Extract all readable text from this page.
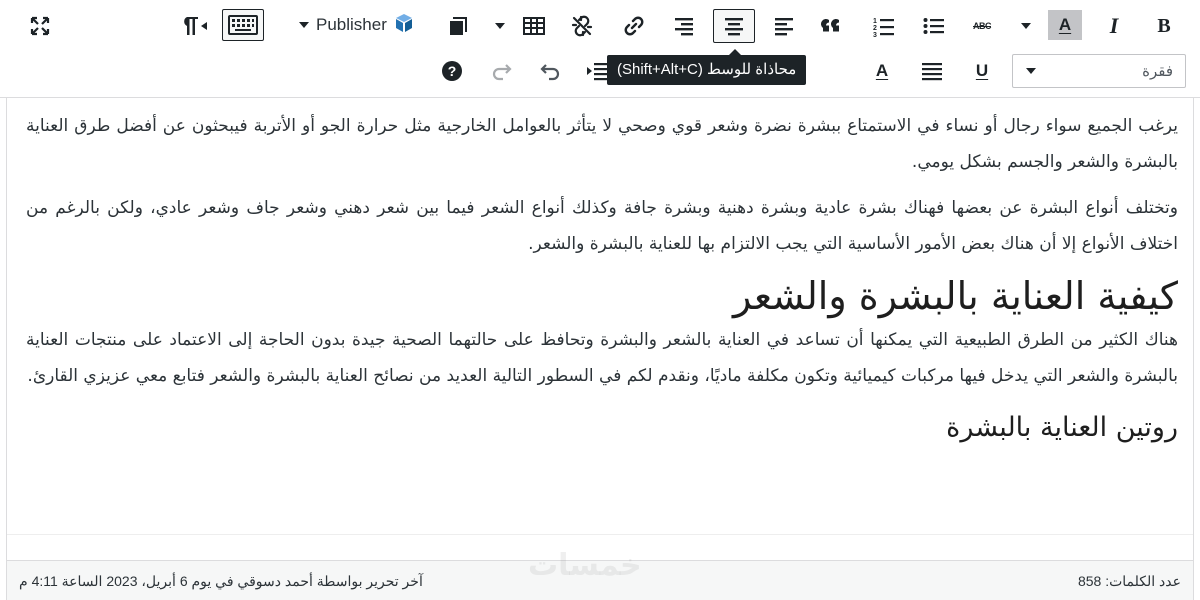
Publisher	1
2
3
ABC	A I B
?	(Shift+Alt+C) محاذاة للوسط	A	U	فقرة

يرغب الجميع سواء رجال أو نساء في الاستمتاع ببشرة نضرة وشعر قوي وصحي لا يتأثر بالعوامل الخارجية مثل حرارة الجو أو الأتربة فيبحثون عن أفضل طرق العناية بالبشرة والشعر والجسم بشكل يومي.

وتختلف أنواع البشرة عن بعضها فهناك بشرة عادية وبشرة دهنية وبشرة جافة وكذلك أنواع الشعر فيما بين شعر دهني وشعر جاف وشعر عادي، ولكن بالرغم من اختلاف الأنواع إلا أن هناك بعض الأمور الأساسية التي يجب الالتزام بها للعناية بالبشرة والشعر.

كيفية العناية بالبشرة والشعر

هناك الكثير من الطرق الطبيعية التي يمكنها أن تساعد في العناية بالشعر والبشرة وتحافظ على حالتهما الصحية جيدة بدون الحاجة إلى الاعتماد على منتجات العناية بالبشرة والشعر التي يدخل فيها مركبات كيميائية وتكون مكلفة ماديًا، ونقدم لكم في السطور التالية العديد من نصائح العناية بالبشرة والشعر فتابع معي عزيزي القارئ.

روتين العناية بالبشرة
عدد الكلمات: 858
آخر تحرير بواسطة أحمد دسوقي في يوم 6 أبريل، 2023 الساعة 4:11 م	خمسات
